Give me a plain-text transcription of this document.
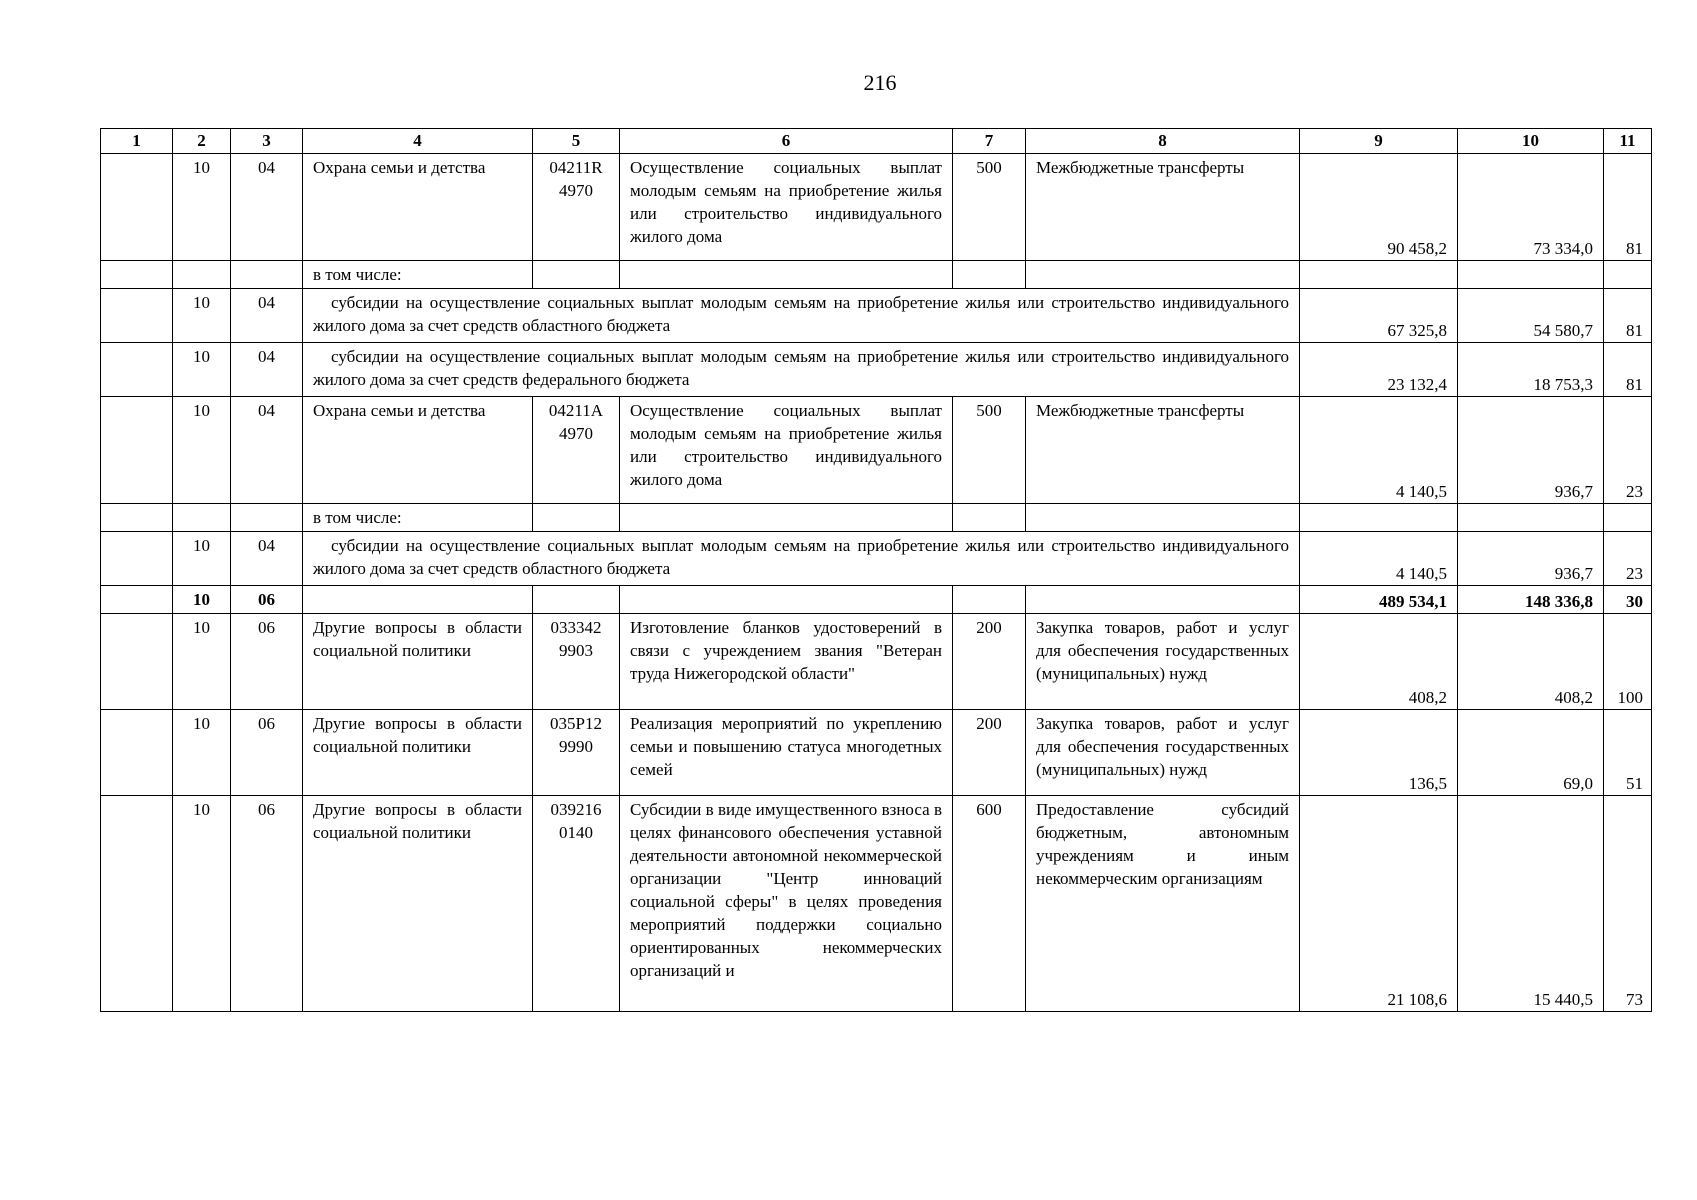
216
1	2	3	4	5	6	7	8	9	10	11
	10	04	Охрана семьи и детства	04211R 4970	Осуществление социальных выплат молодым семьям на приобретение жилья или строительство индивидуального жилого дома	500	Межбюджетные трансферты	90 458,2	73 334,0	81
			в том числе:							
	10	04	субсидии на осуществление социальных выплат молодым семьям на приобретение жилья или строительство индивидуального жилого дома за счет средств областного бюджета					67 325,8	54 580,7	81
	10	04	субсидии на осуществление социальных выплат молодым семьям на приобретение жилья или строительство индивидуального жилого дома за счет средств федерального бюджета					23 132,4	18 753,3	81
	10	04	Охрана семьи и детства	04211A 4970	Осуществление социальных выплат молодым семьям на приобретение жилья или строительство индивидуального жилого дома	500	Межбюджетные трансферты	4 140,5	936,7	23
			в том числе:							
	10	04	субсидии на осуществление социальных выплат молодым семьям на приобретение жилья или строительство индивидуального жилого дома за счет средств областного бюджета					4 140,5	936,7	23
	10	06						489 534,1	148 336,8	30
	10	06	Другие вопросы в области социальной политики	033342 9903	Изготовление бланков удостоверений в связи с учреждением звания "Ветеран труда Нижегородской области"	200	Закупка товаров, работ и услуг для обеспечения государственных (муниципальных) нужд	408,2	408,2	100
	10	06	Другие вопросы в области социальной политики	035P12 9990	Реализация мероприятий по укреплению семьи и повышению статуса многодетных семей	200	Закупка товаров, работ и услуг для обеспечения государственных (муниципальных) нужд	136,5	69,0	51
	10	06	Другие вопросы в области социальной политики	039216 0140	Субсидии в виде имущественного взноса в целях финансового обеспечения уставной деятельности автономной некоммерческой организации "Центр инноваций социальной сферы" в целях проведения мероприятий поддержки социально ориентированных некоммерческих организаций и	600	Предоставление субсидий бюджетным, автономным учреждениям и иным некоммерческим организациям	21 108,6	15 440,5	73
